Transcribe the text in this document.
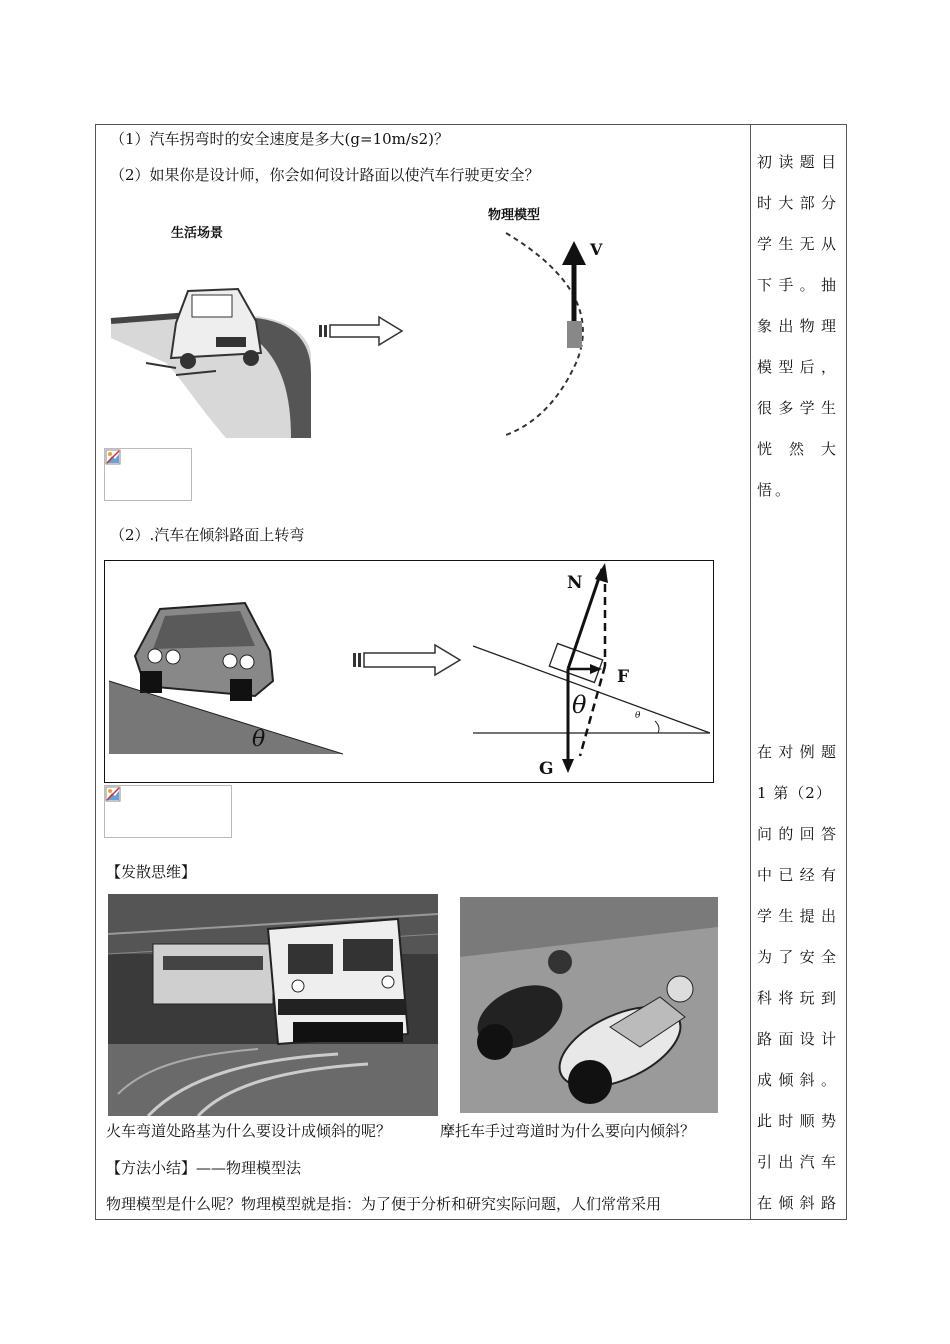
（1）汽车拐弯时的安全速度是多大(g=10m/s2)？
（2）如果你是设计师，你会如何设计路面以使汽车行驶更安全？
生活场景
物理模型
V
（2）.汽车在倾斜路面上转弯
θ
θ	θ
N
F
G
【发散思维】
火车弯道处路基为什么要设计成倾斜的呢？	摩托车手过弯道时为什么要向内倾斜？
【方法小结】——物理模型法
物理模型是什么呢？物理模型就是指：为了便于分析和研究实际问题，人们常常采用
初读题目
时大部分
学生无从
下手。抽
象出物理
模型后，
很多学生
恍 然 大
悟。
在对例题
1 第（2）
问的回答
中已经有
学生提出
为了安全
科将玩到
路面设计
成倾斜。
此时顺势
引出汽车
在倾斜路
